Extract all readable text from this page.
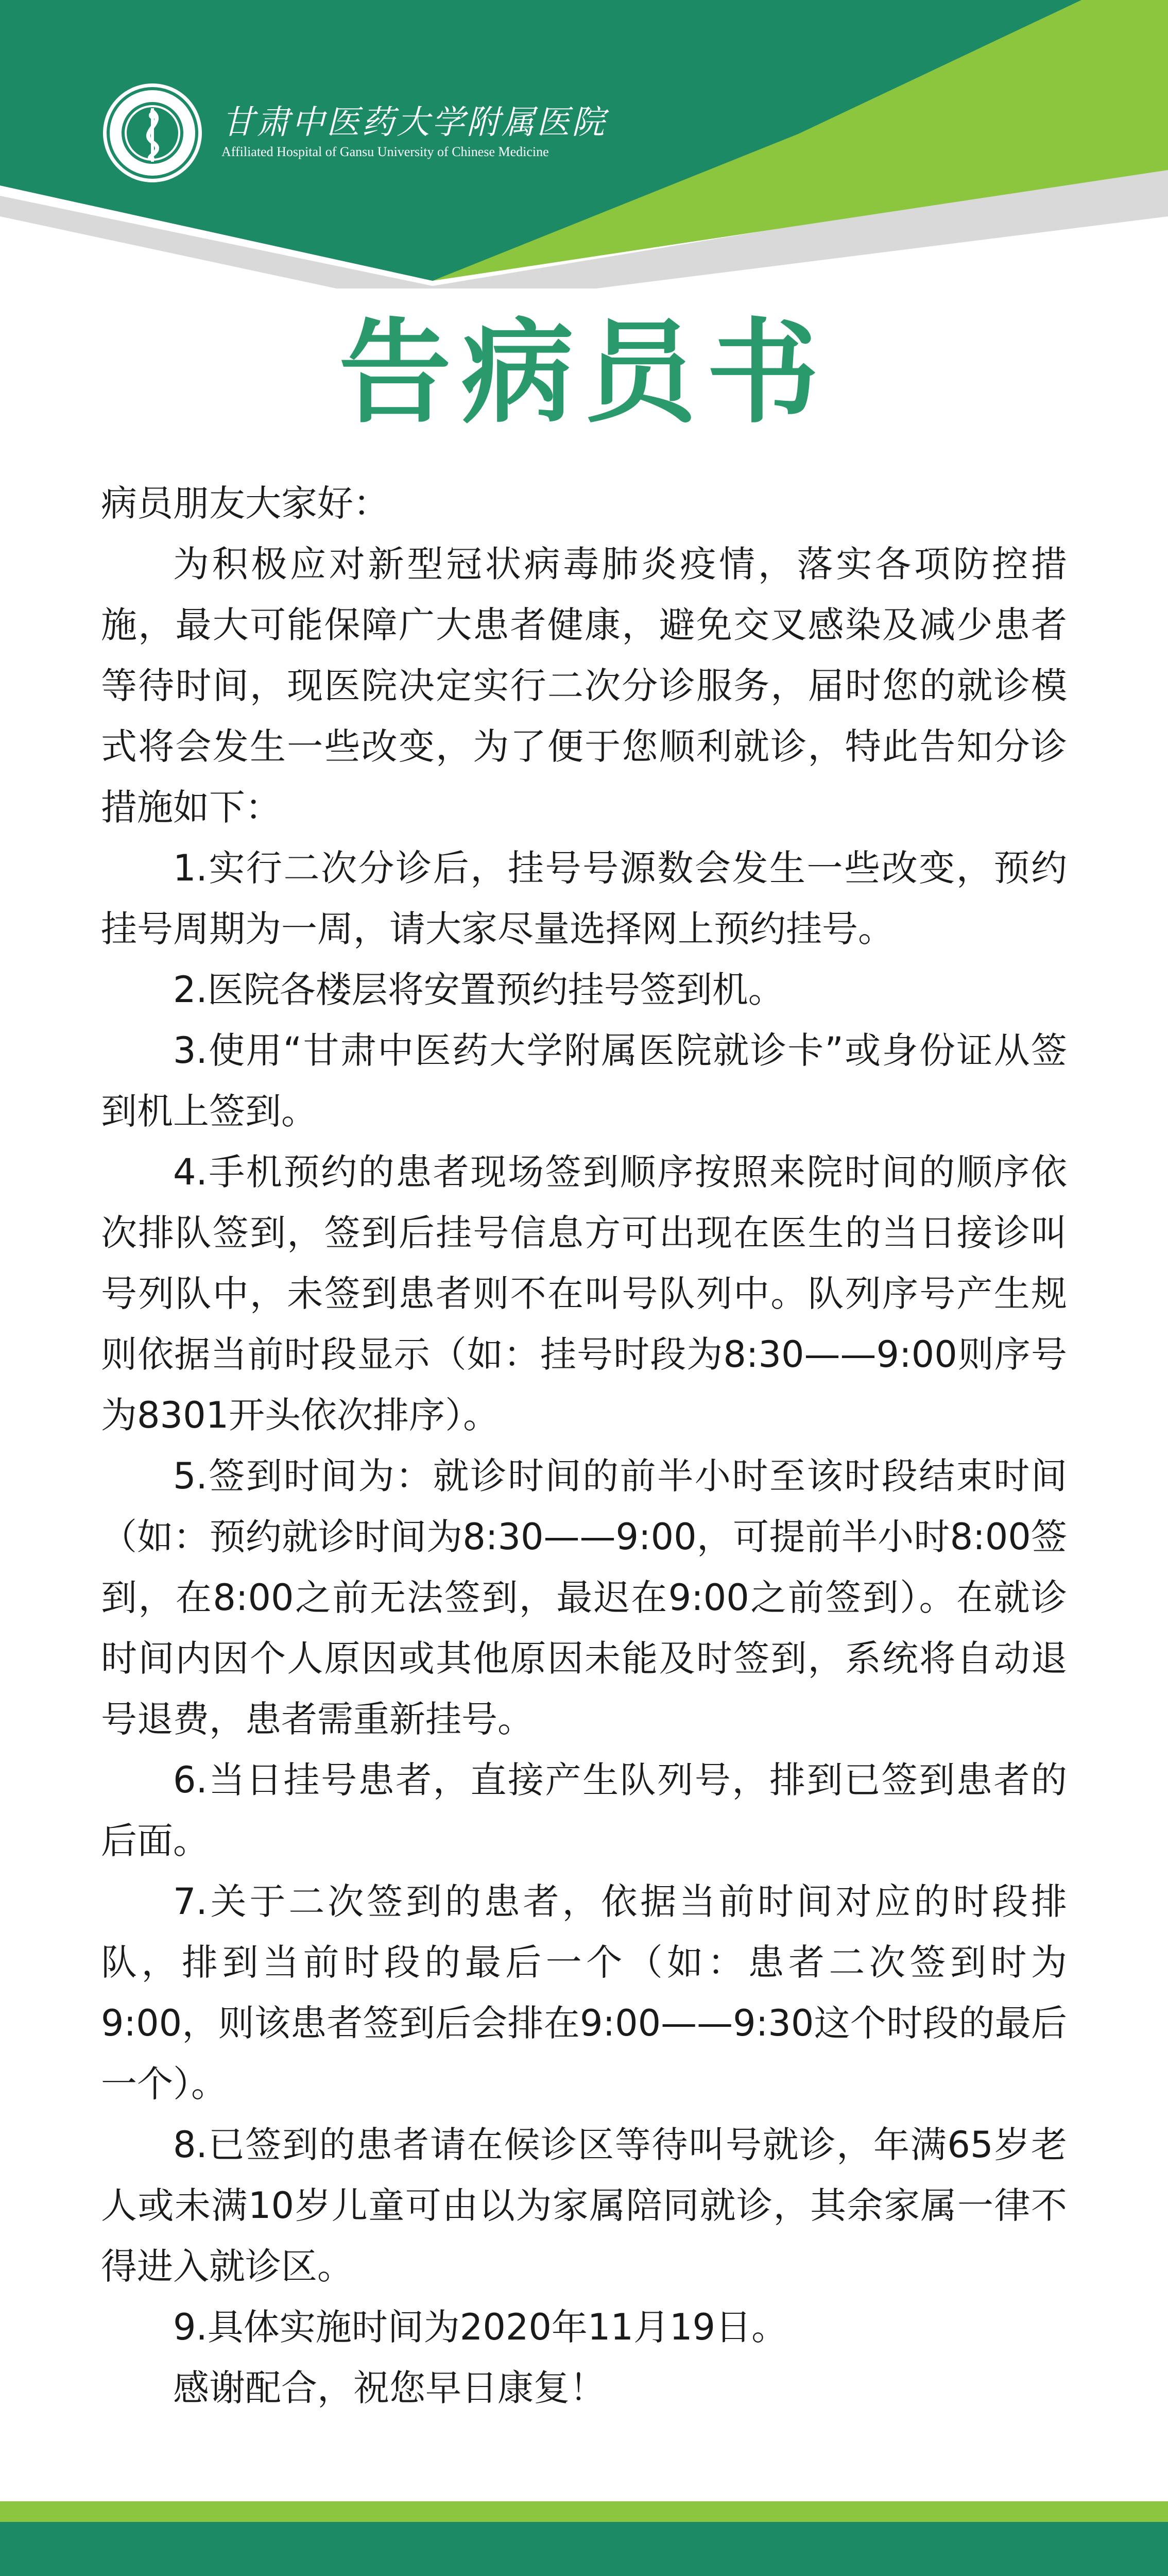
甘肃中医药大学附属医院
Affiliated Hospital of Gansu University of Chinese Medicine
告病员书

病员朋友大家好：

为积极应对新型冠状病毒肺炎疫情，落实各项防控措施，最大可能保障广大患者健康，避免交叉感染及减少患者等待时间，现医院决定实行二次分诊服务，届时您的就诊模式将会发生一些改变，为了便于您顺利就诊，特此告知分诊措施如下：

1.实行二次分诊后，挂号号源数会发生一些改变，预约挂号周期为一周，请大家尽量选择网上预约挂号。

2.医院各楼层将安置预约挂号签到机。

3.使用“甘肃中医药大学附属医院就诊卡”或身份证从签到机上签到。

4.手机预约的患者现场签到顺序按照来院时间的顺序依次排队签到，签到后挂号信息方可出现在医生的当日接诊叫号列队中，未签到患者则不在叫号队列中。队列序号产生规则依据当前时段显示（如：挂号时段为8:30——9:00则序号为8301开头依次排序）。

5.签到时间为：就诊时间的前半小时至该时段结束时间（如：预约就诊时间为8:30——9:00，可提前半小时8:00签到，在8:00之前无法签到，最迟在9:00之前签到）。在就诊时间内因个人原因或其他原因未能及时签到，系统将自动退号退费，患者需重新挂号。

6.当日挂号患者，直接产生队列号，排到已签到患者的后面。

7.关于二次签到的患者，依据当前时间对应的时段排队，排到当前时段的最后一个（如：患者二次签到时为9:00，则该患者签到后会排在9:00——9:30这个时段的最后一个）。

8.已签到的患者请在候诊区等待叫号就诊，年满65岁老人或未满10岁儿童可由以为家属陪同就诊，其余家属一律不得进入就诊区。

9.具体实施时间为2020年11月19日。

感谢配合，祝您早日康复！
